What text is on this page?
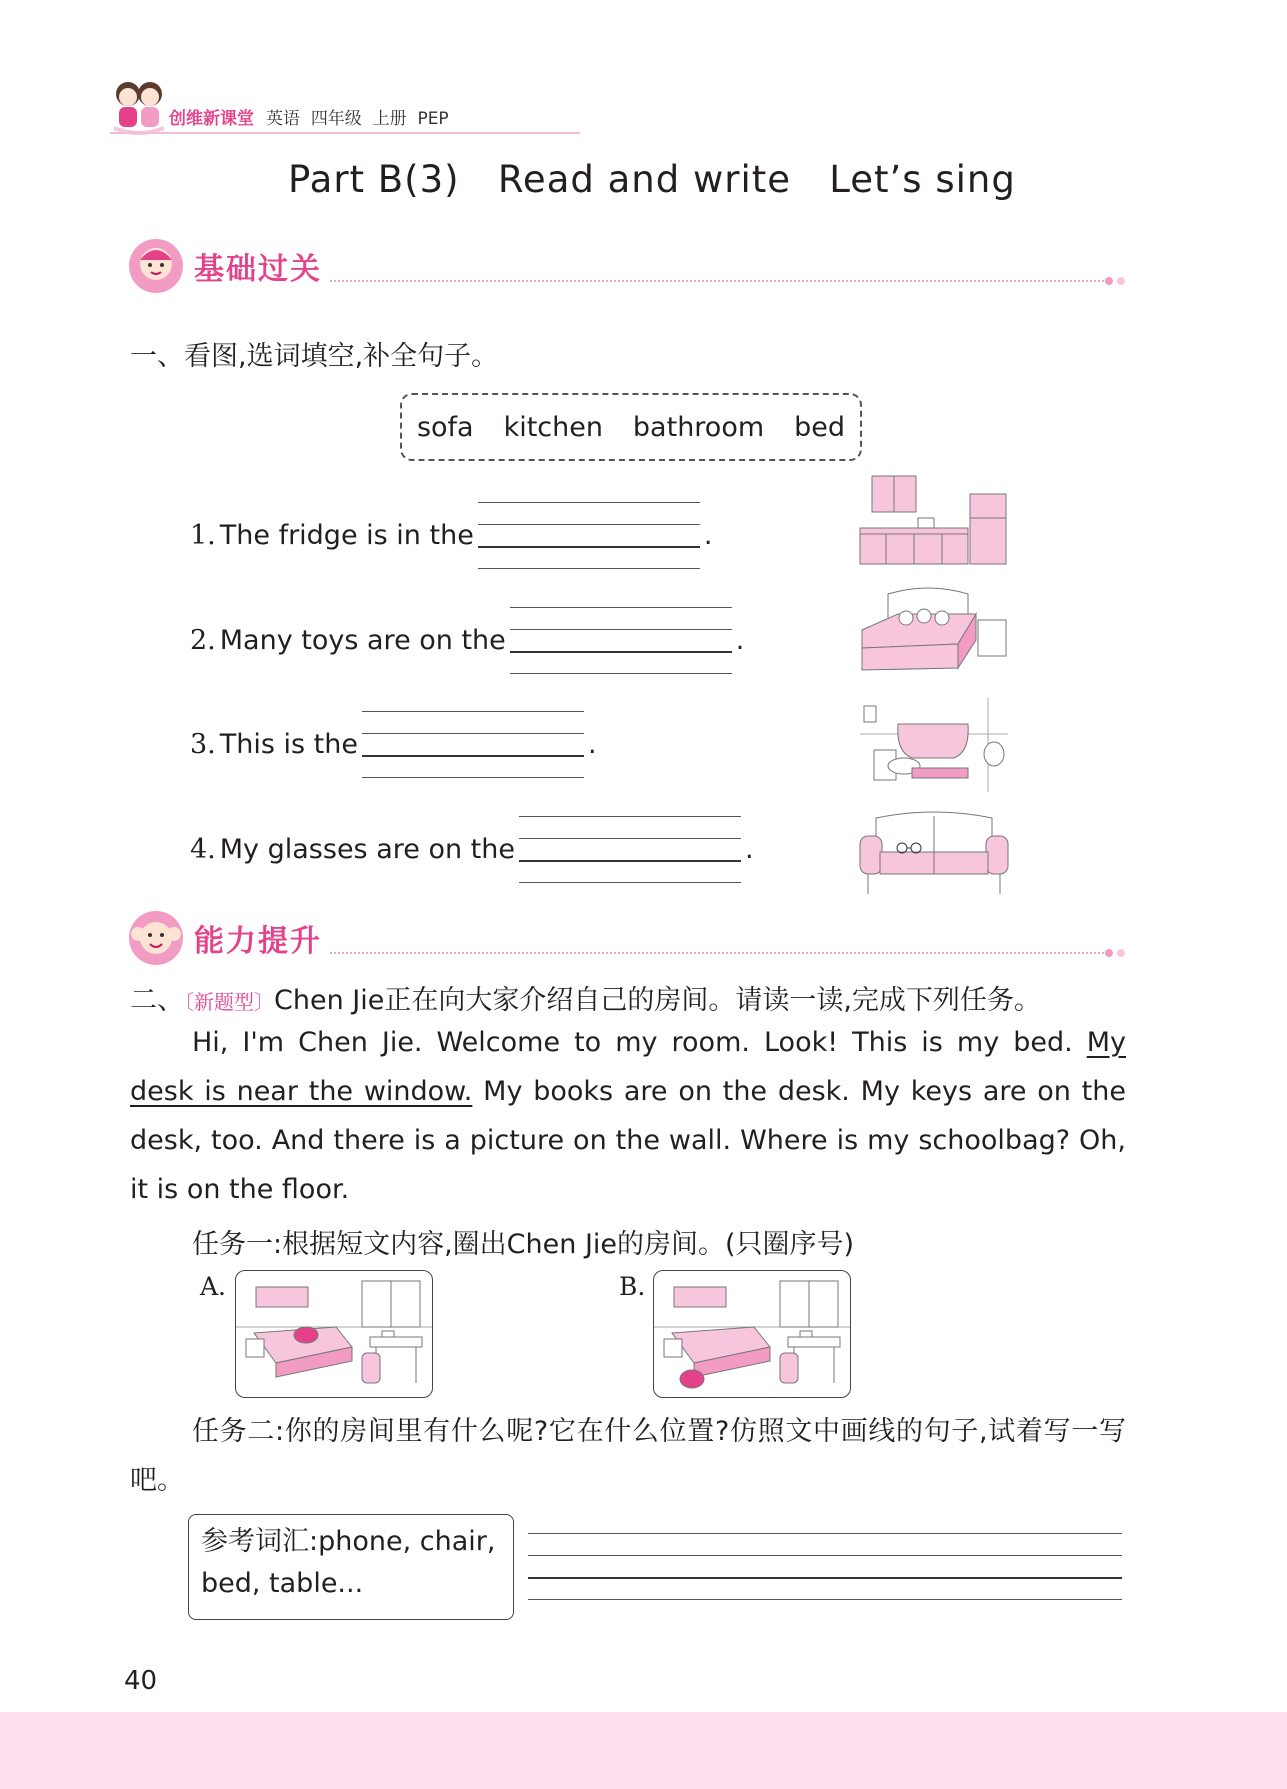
创维新课堂 英语 四年级 上册 PEP
Part B(3)   Read and write   Let’s sing
基础过关
一、看图,选词填空,补全句子。
sofa kitchen bathroom bed
1. The fridge is in the	.
2. Many toys are on the	.
3. This is the	.
4. My glasses are on the	.
能力提升
二、〔新题型〕Chen Jie正在向大家介绍自己的房间。请读一读,完成下列任务。
Hi, I'm Chen Jie. Welcome to my room. Look! This is my bed. My desk is near the window. My books are on the desk. My keys are on the desk, too. And there is a picture on the wall. Where is my schoolbag? Oh, it is on the floor.
任务一:根据短文内容,圈出Chen Jie的房间。(只圈序号)
A.	B.
任务二:你的房间里有什么呢?它在什么位置?仿照文中画线的句子,试着写一写吧。
参考词汇:phone, chair, bed, table...
40
